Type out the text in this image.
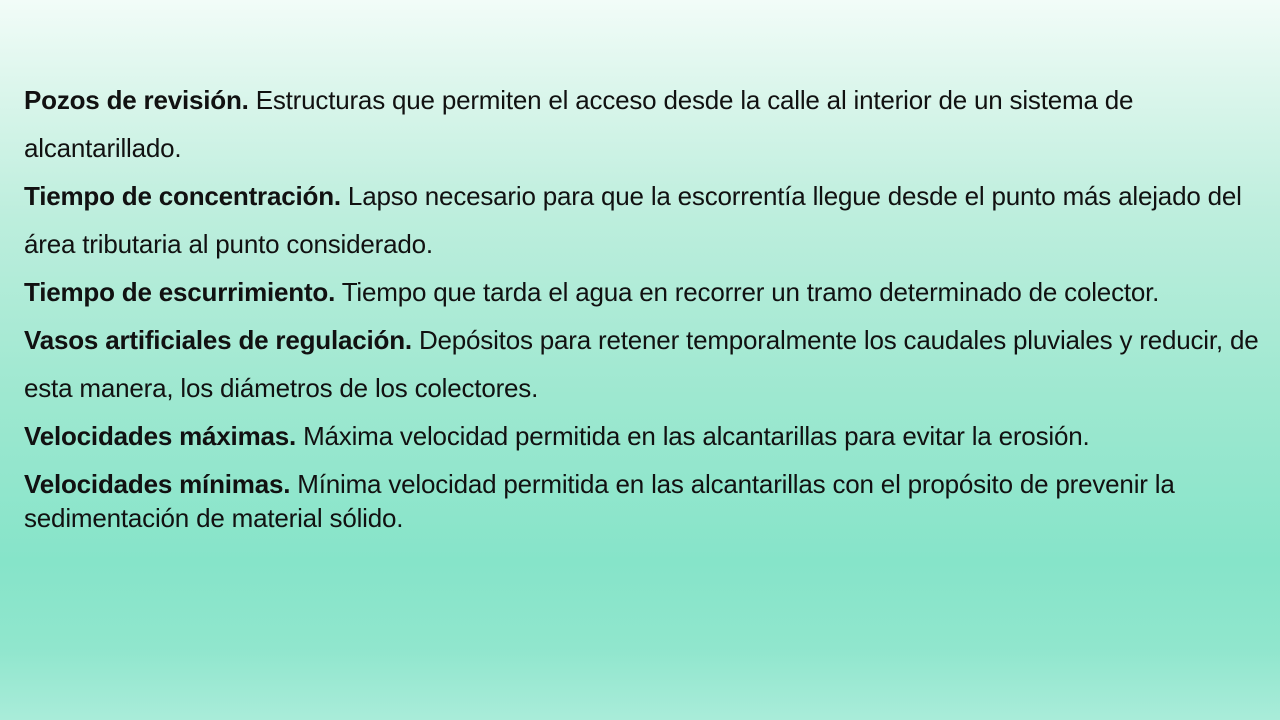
Pozos de revisión. Estructuras que permiten el acceso desde la calle al interior de un sistema de alcantarillado.

Tiempo de concentración. Lapso necesario para que la escorrentía llegue desde el punto más alejado del área tributaria al punto considerado.

Tiempo de escurrimiento. Tiempo que tarda el agua en recorrer un tramo determinado de colector.

Vasos artificiales de regulación. Depósitos para retener temporalmente los caudales pluviales y reducir, de esta manera, los diámetros de los colectores.

Velocidades máximas. Máxima velocidad permitida en las alcantarillas para evitar la erosión.

Velocidades mínimas. Mínima velocidad permitida en las alcantarillas con el propósito de prevenir la sedimentación de material sólido.
